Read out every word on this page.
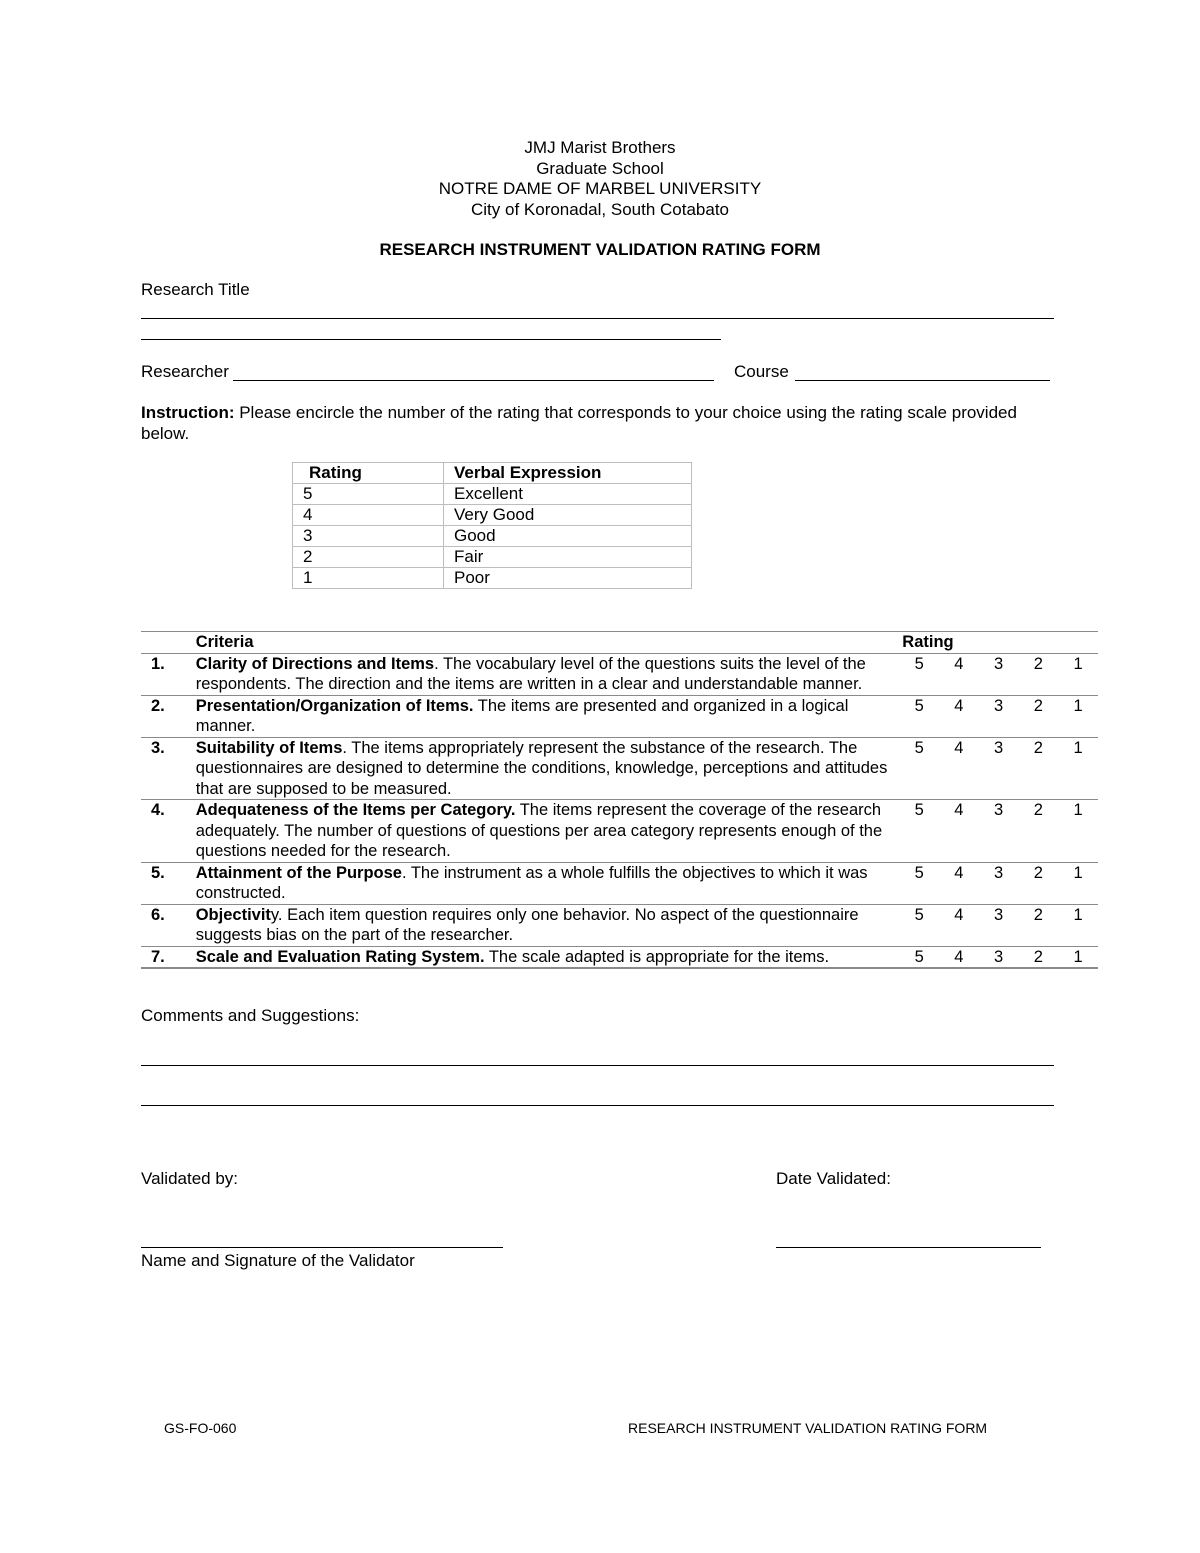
JMJ Marist Brothers
Graduate School
NOTRE DAME OF MARBEL UNIVERSITY
City of Koronadal, South Cotabato
RESEARCH INSTRUMENT VALIDATION RATING FORM
Research Title
Researcher	Course
Instruction: Please encircle the number of the rating that corresponds to your choice using the rating scale provided below.
Rating	Verbal Expression
5	Excellent
4	Very Good
3	Good
2	Fair
1	Poor
	Criteria	Rating				
1.	Clarity of Directions and Items. The vocabulary level of the questions suits the level of the respondents. The direction and the items are written in a clear and understandable manner.	5	4	3	2	1
2.	Presentation/Organization of Items. The items are presented and organized in a logical manner.	5	4	3	2	1
3.	Suitability of Items. The items appropriately represent the substance of the research. The questionnaires are designed to determine the conditions, knowledge, perceptions and attitudes that are supposed to be measured.	5	4	3	2	1
4.	Adequateness of the Items per Category. The items represent the coverage of the research adequately. The number of questions of questions per area category represents enough of the questions needed for the research.	5	4	3	2	1
5.	Attainment of the Purpose. The instrument as a whole fulfills the objectives to which it was constructed.	5	4	3	2	1
6.	Objectivity. Each item question requires only one behavior. No aspect of the questionnaire suggests bias on the part of the researcher.	5	4	3	2	1
7.	Scale and Evaluation Rating System. The scale adapted is appropriate for the items.	5	4	3	2	1
Comments and Suggestions:
Validated by:	Date Validated:
Name and Signature of the Validator
GS-FO-060	RESEARCH INSTRUMENT VALIDATION RATING FORM
